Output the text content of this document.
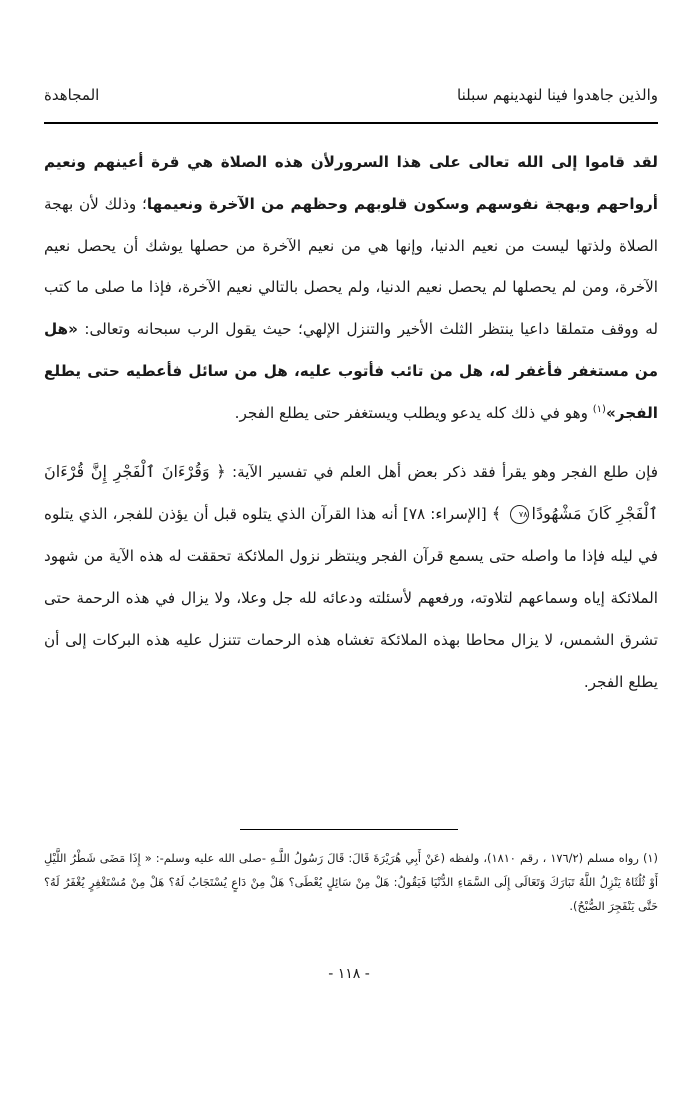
والذين جاهدوا فينا لنهدينهم سبلنا
المجاهدة

لقد قاموا إلى الله تعالى على هذا السرورلأن هذه الصلاة هي قرة أعينهم ونعيم أرواحهم وبهجة نفوسهم وسكون قلوبهم وحظهم من الآخرة ونعيمها؛ وذلك لأن بهجة الصلاة ولذتها ليست من نعيم الدنيا، وإنها هي من نعيم الآخرة من حصلها يوشك أن يحصل نعيم الآخرة، ومن لم يحصلها لم يحصل نعيم الدنيا، ولم يحصل بالتالي نعيم الآخرة، فإذا ما صلى ما كتب له ووقف متملقا داعيا ينتظر الثلث الأخير والتنزل الإلهي؛ حيث يقول الرب سبحانه وتعالى: «هل من مستغفر فأغفر له، هل من تائب فأتوب عليه، هل من سائل فأعطيه حتى يطلع الفجر»$^{(١)}$ وهو في ذلك كله يدعو ويطلب ويستغفر حتى يطلع الفجر.

فإن طلع الفجر وهو يقرأ فقد ذكر بعض أهل العلم في تفسير الآية: ﴿ وَقُرْءَانَ ٱلْفَجْرِ إِنَّ قُرْءَانَ ٱلْفَجْرِ كَانَ مَشْهُودًا٧٨ ﴾ [الإسراء: ٧٨] أنه هذا القرآن الذي يتلوه قبل أن يؤذن للفجر، الذي يتلوه في ليله فإذا ما واصله حتى يسمع قرآن الفجر وينتظر نزول الملائكة تحققت له هذه الآية من شهود الملائكة إياه وسماعهم لتلاوته، ورفعهم لأسئلته ودعائه لله جل وعلا، ولا يزال في هذه الرحمة حتى تشرق الشمس، لا يزال محاطا بهذه الملائكة تغشاه هذه الرحمات تتنزل عليه هذه البركات إلى أن يطلع الفجر.

(١) رواه مسلم (١٧٦/٢ ، رقم ١٨١٠)، ولفظه (عَنْ أَبِي هُرَيْرَةَ قَالَ: قَالَ رَسُولُ اللَّـهِ -صلى الله عليه وسلم-: « إِذَا مَضَى شَطْرُ اللَّيْلِ أَوْ ثُلُثَاهُ يَنْزِلُ اللَّهُ تَبَارَكَ وَتَعَالَى إِلَى السَّمَاءِ الدُّنْيَا فَيَقُولُ: هَلْ مِنْ سَائِلٍ يُعْطَى؟ هَلْ مِنْ دَاعٍ يُسْتَجَابُ لَهُ؟ هَلْ مِنْ مُسْتَغْفِرٍ يُغْفَرُ لَهُ؟ حَتَّى يَنْفَجِرَ الصُّبْحُ).

- ١١٨ -
